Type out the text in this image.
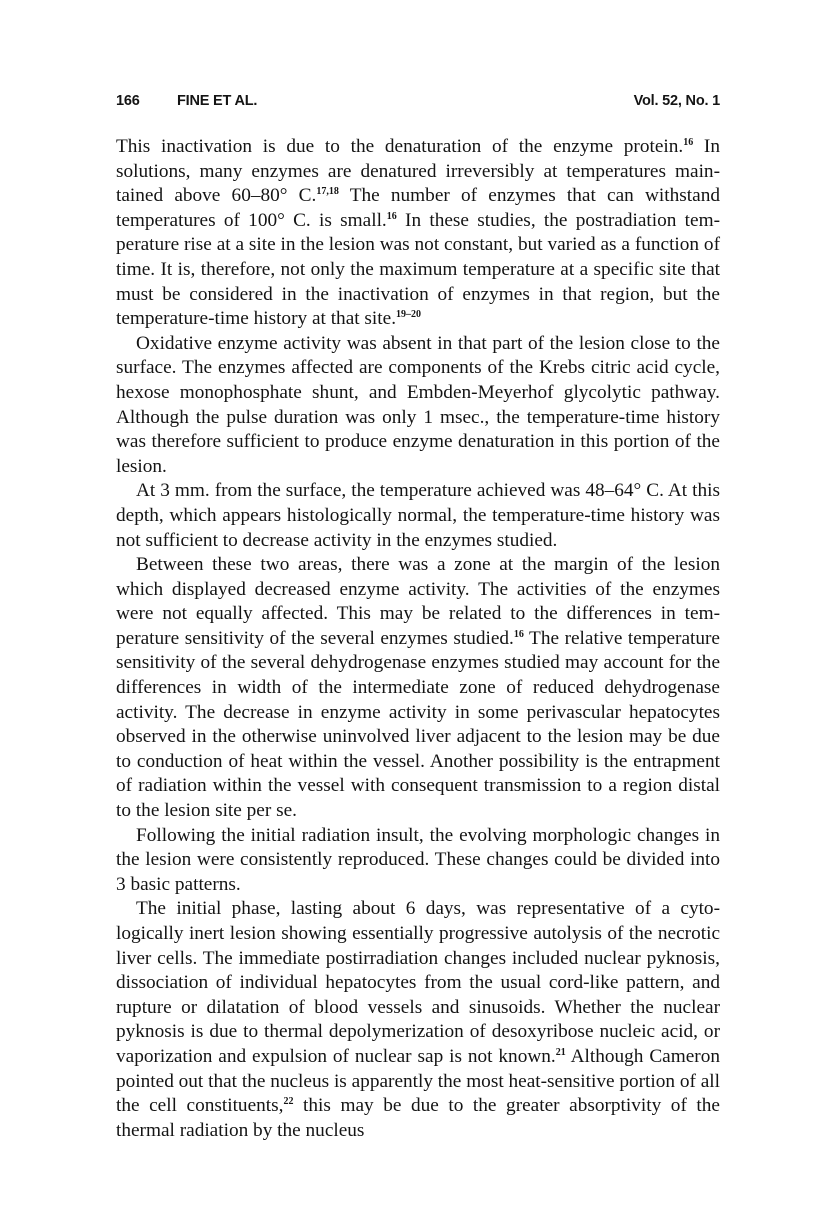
166	FINE ET AL.	Vol. 52, No. 1

This inactivation is due to the denaturation of the enzyme protein.$^{16}$ In solutions, many enzymes are denatured irreversibly at temperatures maintained above 60–80° C.$^{17,18}$ The number of enzymes that can withstand temperatures of 100° C. is small.$^{16}$ In these studies, the postradiation temperature rise at a site in the lesion was not constant, but varied as a function of time. It is, therefore, not only the maximum temperature at a specific site that must be considered in the inactivation of enzymes in that region, but the temperature-time history at that site.$^{19-20}$

Oxidative enzyme activity was absent in that part of the lesion close to the surface. The enzymes affected are components of the Krebs citric acid cycle, hexose monophosphate shunt, and Embden-Meyerhof glycolytic pathway. Although the pulse duration was only 1 msec., the temperature-time history was therefore sufficient to produce enzyme denaturation in this portion of the lesion.

At 3 mm. from the surface, the temperature achieved was 48–64° C. At this depth, which appears histologically normal, the temperature-time history was not sufficient to decrease activity in the enzymes studied.

Between these two areas, there was a zone at the margin of the lesion which displayed decreased enzyme activity. The activities of the enzymes were not equally affected. This may be related to the differences in temperature sensitivity of the several enzymes studied.$^{16}$ The relative temperature sensitivity of the several dehydrogenase enzymes studied may account for the differences in width of the intermediate zone of reduced dehydrogenase activity. The decrease in enzyme activity in some perivascular hepatocytes observed in the otherwise uninvolved liver adjacent to the lesion may be due to conduction of heat within the vessel. Another possibility is the entrapment of radiation within the vessel with consequent transmission to a region distal to the lesion site per se.

Following the initial radiation insult, the evolving morphologic changes in the lesion were consistently reproduced. These changes could be divided into 3 basic patterns.

The initial phase, lasting about 6 days, was representative of a cytologically inert lesion showing essentially progressive autolysis of the necrotic liver cells. The immediate postirradiation changes included nuclear pyknosis, dissociation of individual hepatocytes from the usual cord-like pattern, and rupture or dilatation of blood vessels and sinusoids. Whether the nuclear pyknosis is due to thermal depolymerization of desoxyribose nucleic acid, or vaporization and expulsion of nuclear sap is not known.$^{21}$ Although Cameron pointed out that the nucleus is apparently the most heat-sensitive portion of all the cell constituents,$^{22}$ this may be due to the greater absorptivity of the thermal radiation by the nucleus
